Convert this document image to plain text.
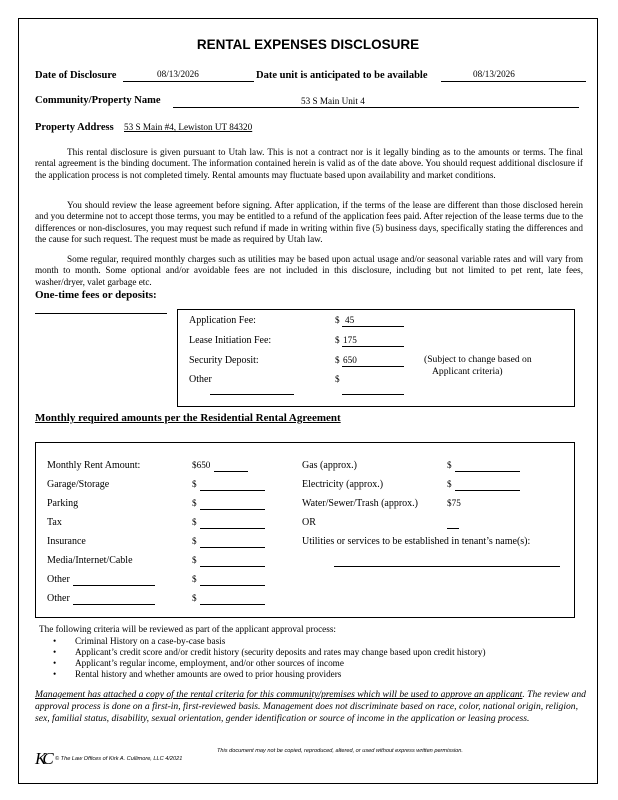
RENTAL EXPENSES DISCLOSURE
Date of Disclosure	08/13/2026	Date unit is anticipated to be available	08/13/2026
Community/Property Name	53 S Main Unit 4
Property Address 53 S Main #4, Lewiston UT 84320
This rental disclosure is given pursuant to Utah law. This is not a contract nor is it legally binding as to the amounts or terms. The final rental agreement is the binding document. The information contained herein is valid as of the date above. You should request additional disclosure if the application process is not completed timely. Rental amounts may fluctuate based upon availability and market conditions.
You should review the lease agreement before signing. After application, if the terms of the lease are different than those disclosed herein and you determine not to accept those terms, you may be entitled to a refund of the application fees paid. After rejection of the lease terms due to the differences or non-disclosures, you may request such refund if made in writing within five (5) business days, specifically stating the differences and the cause for such request. The request must be made as required by Utah law.
Some regular, required monthly charges such as utilities may be based upon actual usage and/or seasonal variable rates and will vary from month to month. Some optional and/or avoidable fees are not included in this disclosure, including but not limited to pet rent, late fees, washer/dryer, valet garbage etc.
One-time fees or deposits:
Application Fee:	$ 45
Lease Initiation Fee:	$ 175
Security Deposit:	$ 650
Other	$
(Subject to change based on
Applicant criteria)
Monthly required amounts per the Residential Rental Agreement
Monthly Rent Amount:	$650
Garage/Storage	$
Parking	$
Tax	$
Insurance	$
Media/Internet/Cable	$
Other	$
Other	$
Gas (approx.)	$
Electricity (approx.)	$
Water/Sewer/Trash (approx.)	$75
OR
Utilities or services to be established in tenant’s name(s):
The following criteria will be reviewed as part of the applicant approval process:
• Criminal History on a case-by-case basis
• Applicant’s credit score and/or credit history (security deposits and rates may change based upon credit history)
• Applicant’s regular income, employment, and/or other sources of income
• Rental history and whether amounts are owed to prior housing providers
Management has attached a copy of the rental criteria for this community/premises which will be used to approve an applicant. The review and approval process is done on a first-in, first-reviewed basis. Management does not discriminate based on race, color, national origin, religion, sex, familial status, disability, sexual orientation, gender identification or source of income in the application or leasing process.
KC © The Law Offices of Kirk A. Cullimore, LLC 4/2021
This document may not be copied, reproduced, altered, or used without express written permission.
